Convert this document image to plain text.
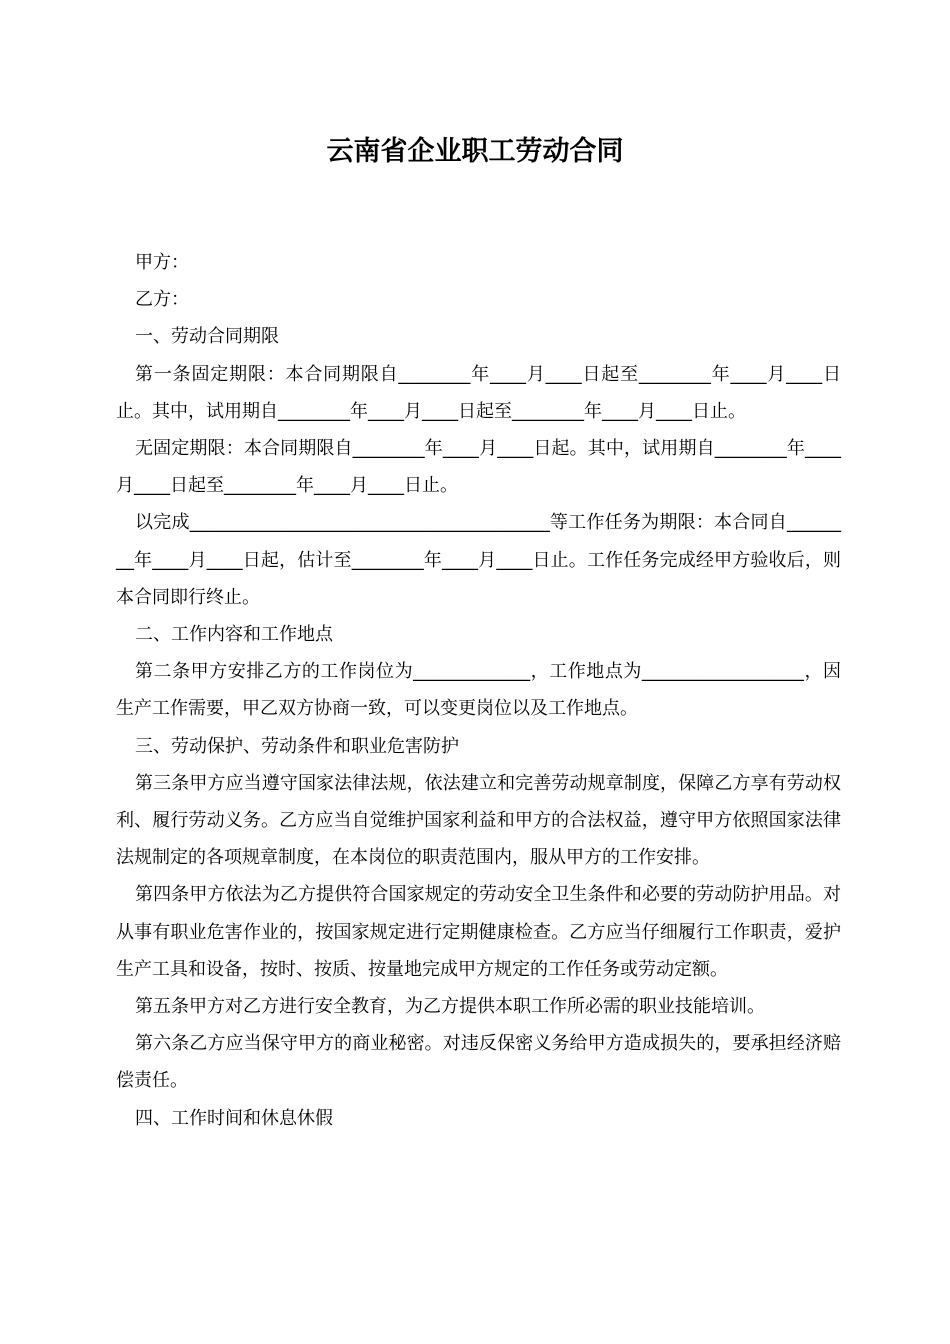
云南省企业职工劳动合同

甲方：

乙方：

一、劳动合同期限

第一条固定期限：本合同期限自________年____月____日起至________年____月____日止。其中，试用期自________年____月____日起至________年____月____日止。

无固定期限：本合同期限自________年____月____日起。其中，试用期自________年____月____日起至________年____月____日止。

以完成________________________________________等工作任务为期限：本合同自________年____月____日起，估计至________年____月____日止。工作任务完成经甲方验收后，则本合同即行终止。

二、工作内容和工作地点

第二条甲方安排乙方的工作岗位为_____________，工作地点为__________________，因生产工作需要，甲乙双方协商一致，可以变更岗位以及工作地点。

三、劳动保护、劳动条件和职业危害防护

第三条甲方应当遵守国家法律法规，依法建立和完善劳动规章制度，保障乙方享有劳动权利、履行劳动义务。乙方应当自觉维护国家利益和甲方的合法权益，遵守甲方依照国家法律法规制定的各项规章制度，在本岗位的职责范围内，服从甲方的工作安排。

第四条甲方依法为乙方提供符合国家规定的劳动安全卫生条件和必要的劳动防护用品。对从事有职业危害作业的，按国家规定进行定期健康检查。乙方应当仔细履行工作职责，爱护生产工具和设备，按时、按质、按量地完成甲方规定的工作任务或劳动定额。

第五条甲方对乙方进行安全教育，为乙方提供本职工作所必需的职业技能培训。

第六条乙方应当保守甲方的商业秘密。对违反保密义务给甲方造成损失的，要承担经济赔偿责任。

四、工作时间和休息休假
